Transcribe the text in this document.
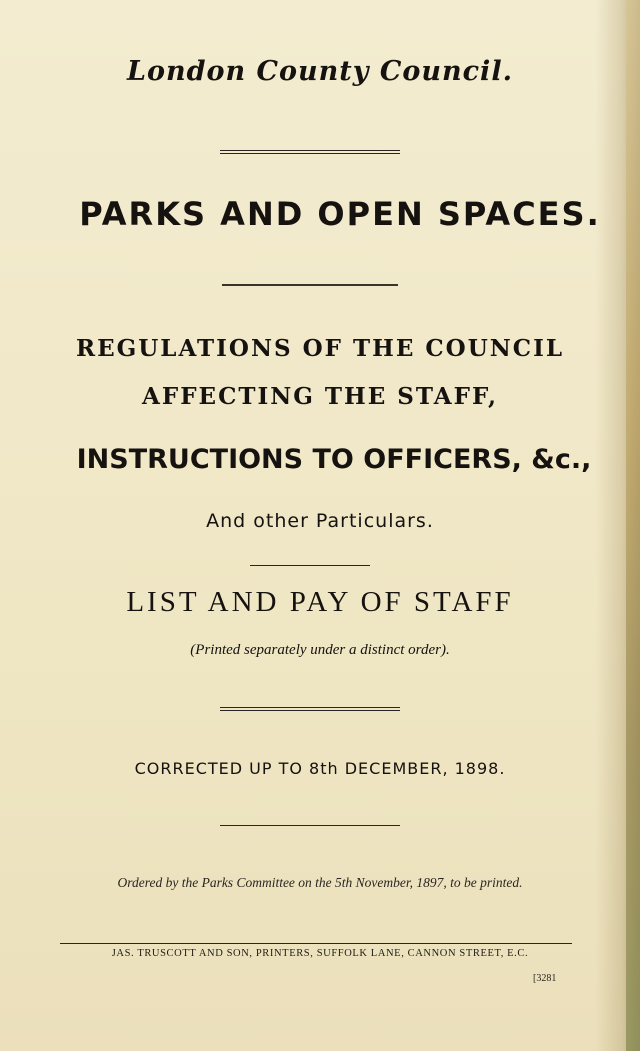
London County Council.
PARKS AND OPEN SPACES.
REGULATIONS OF THE COUNCIL
AFFECTING THE STAFF,
INSTRUCTIONS TO OFFICERS, &c.,
And other Particulars.
LIST AND PAY OF STAFF
(Printed separately under a distinct order).
CORRECTED UP TO 8th DECEMBER, 1898.
Ordered by the Parks Committee on the 5th November, 1897, to be printed.
JAS. TRUSCOTT AND SON, PRINTERS, SUFFOLK LANE, CANNON STREET, E.C.
[3281
